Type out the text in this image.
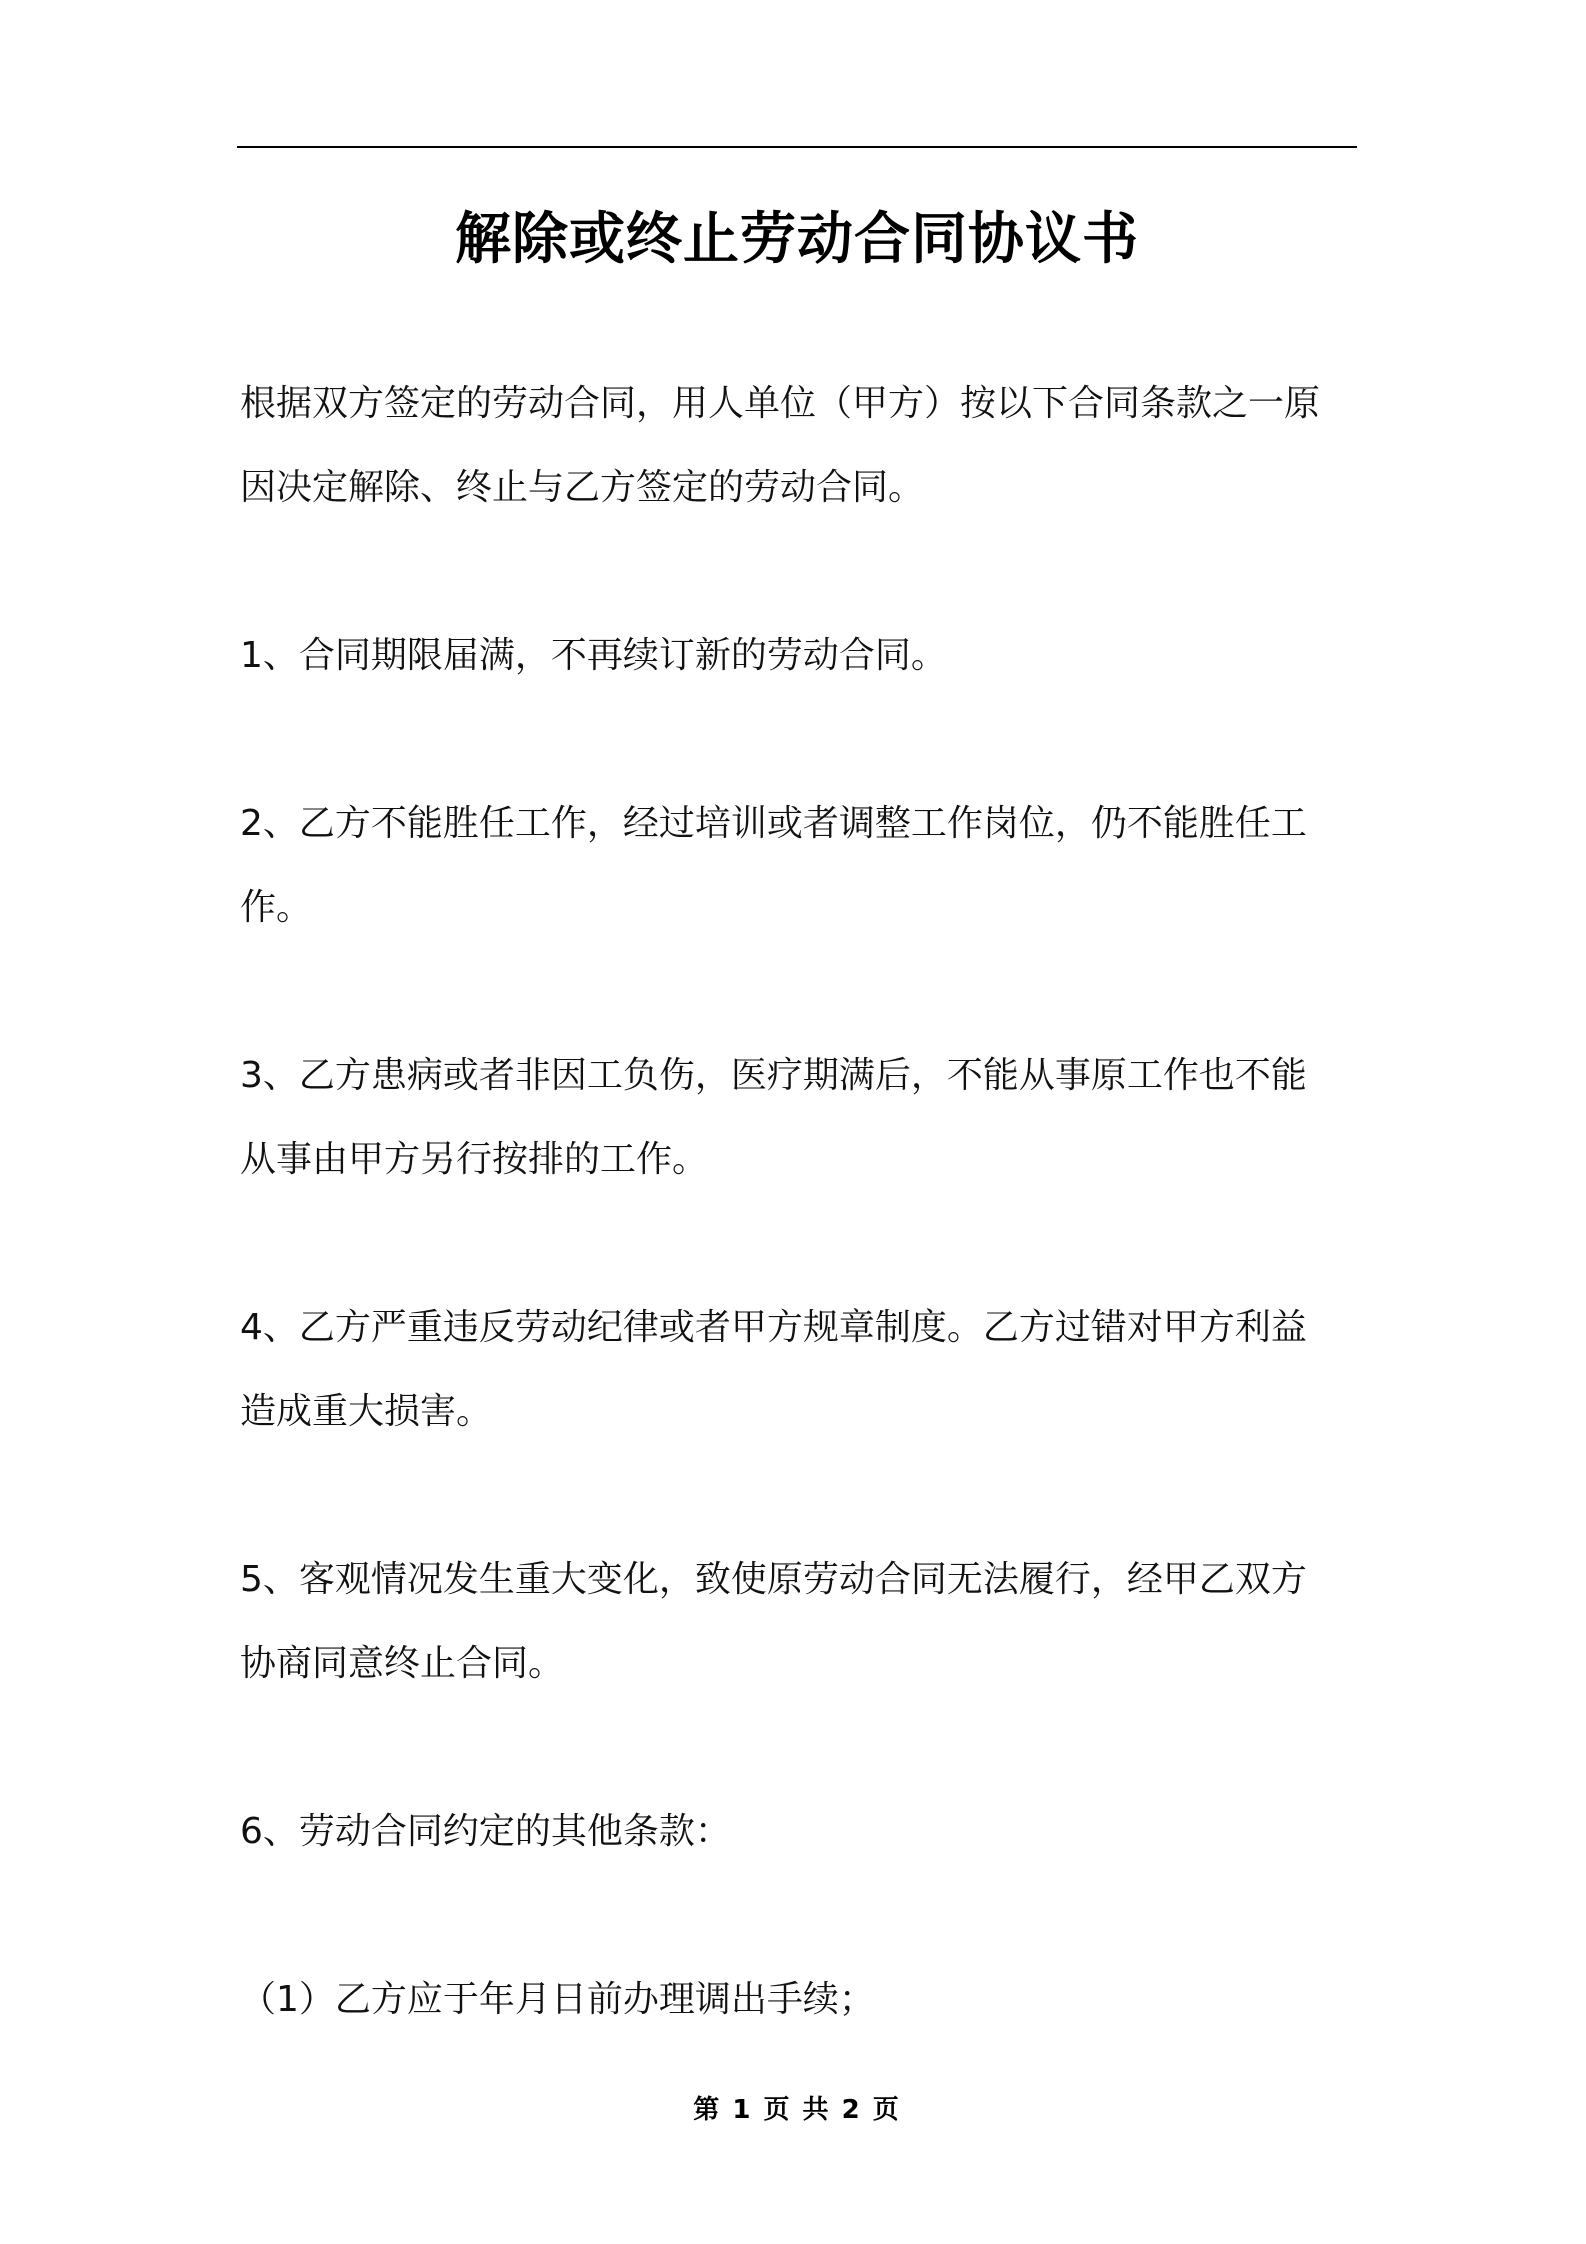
解除或终止劳动合同协议书

根据双方签定的劳动合同，用人单位（甲方）按以下合同条款之一原
因决定解除、终止与乙方签定的劳动合同。

1、合同期限届满，不再续订新的劳动合同。

2、乙方不能胜任工作，经过培训或者调整工作岗位，仍不能胜任工
作。

3、乙方患病或者非因工负伤，医疗期满后，不能从事原工作也不能
从事由甲方另行按排的工作。

4、乙方严重违反劳动纪律或者甲方规章制度。乙方过错对甲方利益
造成重大损害。

5、客观情况发生重大变化，致使原劳动合同无法履行，经甲乙双方
协商同意终止合同。

6、劳动合同约定的其他条款：

（1）乙方应于年月日前办理调出手续；

第 1 页 共 2 页
